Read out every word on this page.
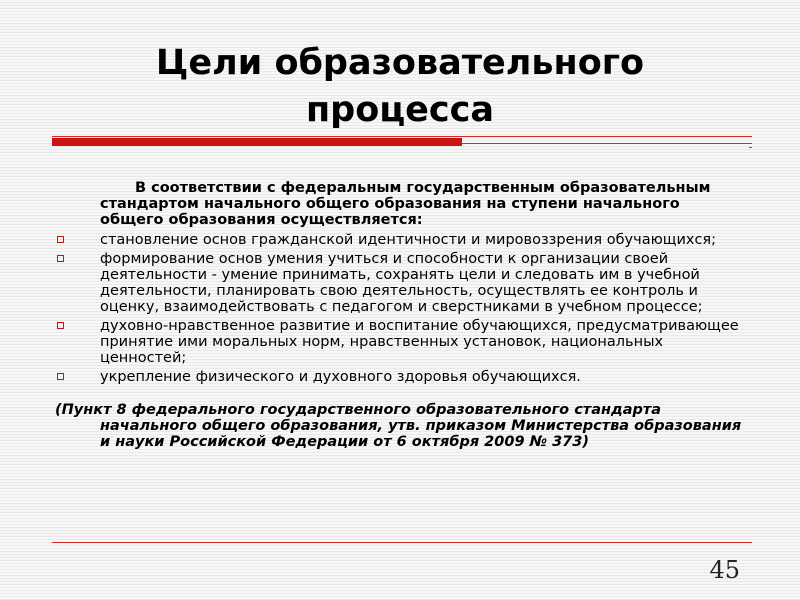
Цели образовательного процесса

В соответствии с федеральным государственным образовательным стандартом начального общего образования на ступени начального общего образования осуществляется:

становление основ гражданской идентичности и мировоззрения обучающихся;
формирование основ умения учиться и способности к организации своей деятельности - умение принимать, сохранять цели и следовать им в учебной деятельности, планировать свою деятельность, осуществлять ее контроль и оценку, взаимодействовать с педагогом и сверстниками в учебном процессе;
духовно-нравственное развитие и воспитание обучающихся, предусматривающее принятие ими моральных норм, нравственных установок, национальных ценностей;
укрепление физического и духовного здоровья обучающихся.

(Пункт 8 федерального государственного образовательного стандарта начального общего образования, утв. приказом Министерства образования и науки Российской Федерации от 6 октября 2009 № 373)

45
